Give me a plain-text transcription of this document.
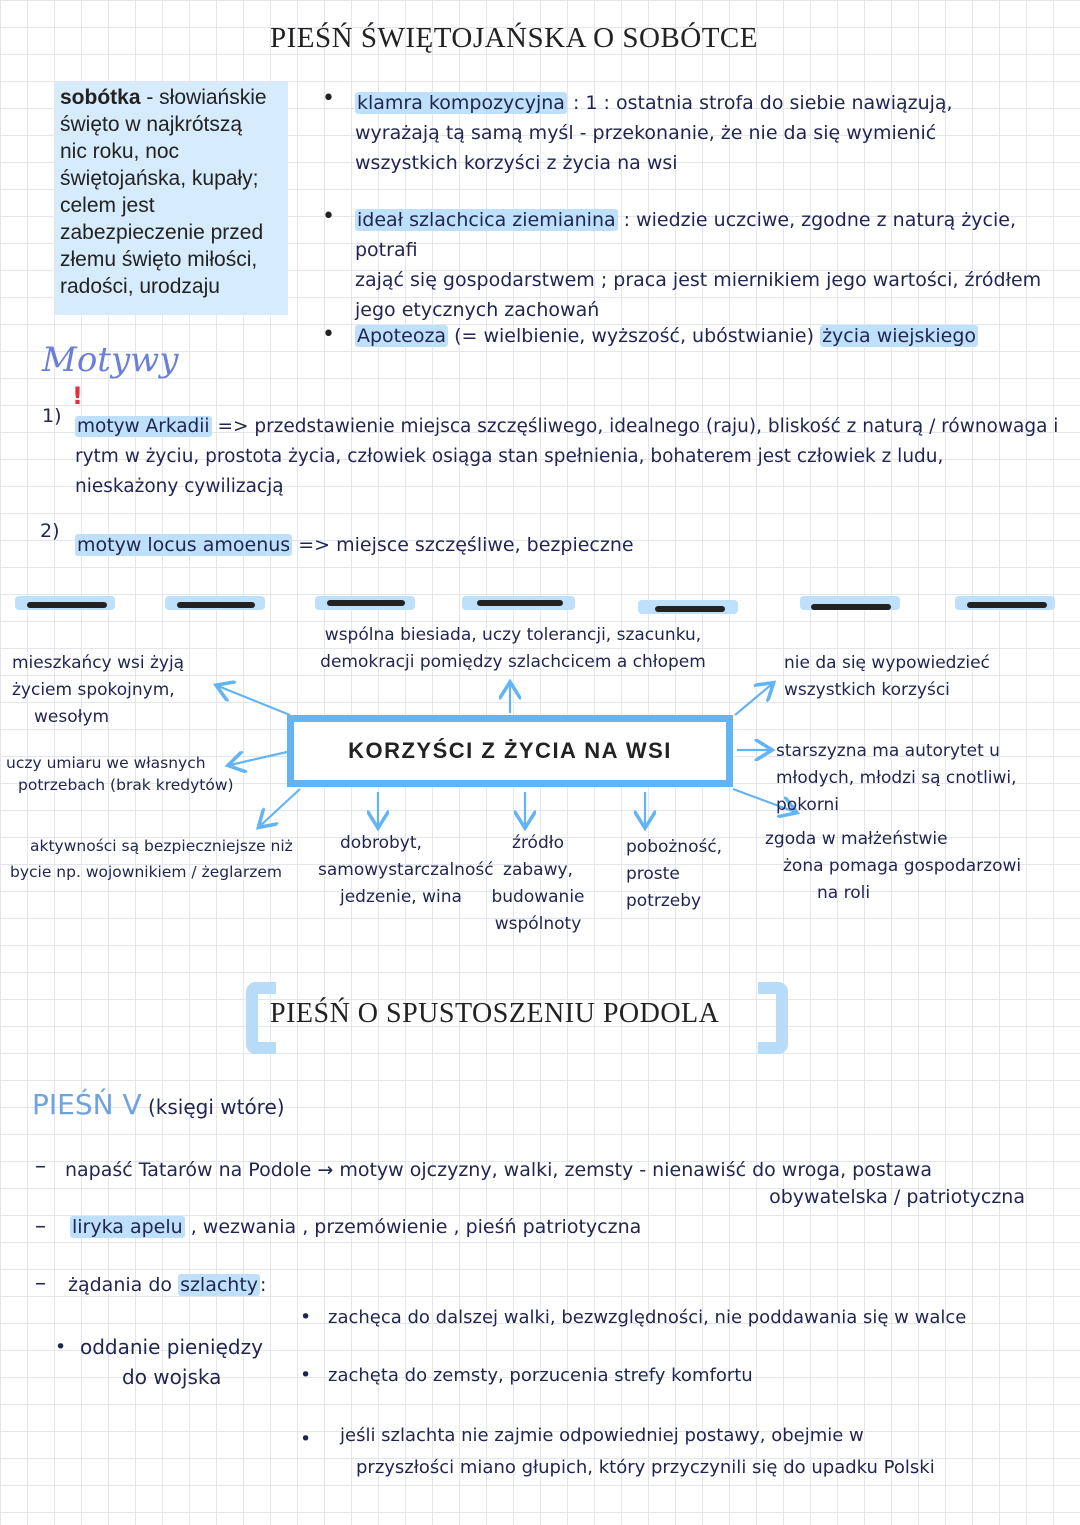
PIEŚŃ ŚWIĘTOJAŃSKA O SOBÓTCE
sobótka - słowiańskie
święto w najkrótszą
nic roku, noc
świętojańska, kupały;
celem jest
zabezpieczenie przed
złemu święto miłości,
radości, urodzaju
• klamra kompozycyjna : 1 : ostatnia strofa do siebie nawiązują,
wyrażają tą samą myśl - przekonanie, że nie da się wymienić
wszystkich korzyści z życia na wsi
• ideał szlachcica ziemianina : wiedzie uczciwe, zgodne z naturą życie, potrafi
zająć się gospodarstwem ; praca jest miernikiem jego wartości, źródłem
jego etycznych zachowań
• Apoteoza (= wielbienie, wyższość, ubóstwianie) życia wiejskiego
Motywy
!
1) motyw Arkadii => przedstawienie miejsca szczęśliwego, idealnego (raju), bliskość z naturą / równowaga i
rytm w życiu, prostota życia, człowiek osiąga stan spełnienia, bohaterem jest człowiek z ludu,
nieskażony cywilizacją
2)
motyw locus amoenus => miejsce szczęśliwe, bezpieczne
KORZYŚCI Z ŻYCIA NA WSI
wspólna biesiada, uczy tolerancji, szacunku,
demokracji pomiędzy szlachcicem a chłopem
mieszkańcy wsi żyją
życiem spokojnym,
wesołym
uczy umiaru we własnych
potrzebach (brak kredytów)
aktywności są bezpieczniejsze niż
bycie np. wojownikiem / żeglarzem
dobrobyt,
samowystarczalność
jedzenie, wina
źródło
zabawy,
budowanie
wspólnoty
pobożność,
proste
potrzeby
zgoda w małżeństwie
żona pomaga gospodarzowi
na roli
starszyzna ma autorytet u
młodych, młodzi są cnotliwi, pokorni
nie da się wypowiedzieć
wszystkich korzyści
PIEŚŃ O SPUSTOSZENIU PODOLA
PIEŚŃ V (księgi wtóre)
– napaść Tatarów na Podole → motyw ojczyzny, walki, zemsty - nienawiść do wroga, postawa
obywatelska / patriotyczna
– liryka apelu , wezwania , przemówienie , pieśń patriotyczna
– żądania do szlachty :
• oddanie pieniędzy
do wojska
• zachęca do dalszej walki, bezwzględności, nie poddawania się w walce
• zachęta do zemsty, porzucenia strefy komfortu
• jeśli szlachta nie zajmie odpowiedniej postawy, obejmie w
przyszłości miano głupich, który przyczynili się do upadku Polski
